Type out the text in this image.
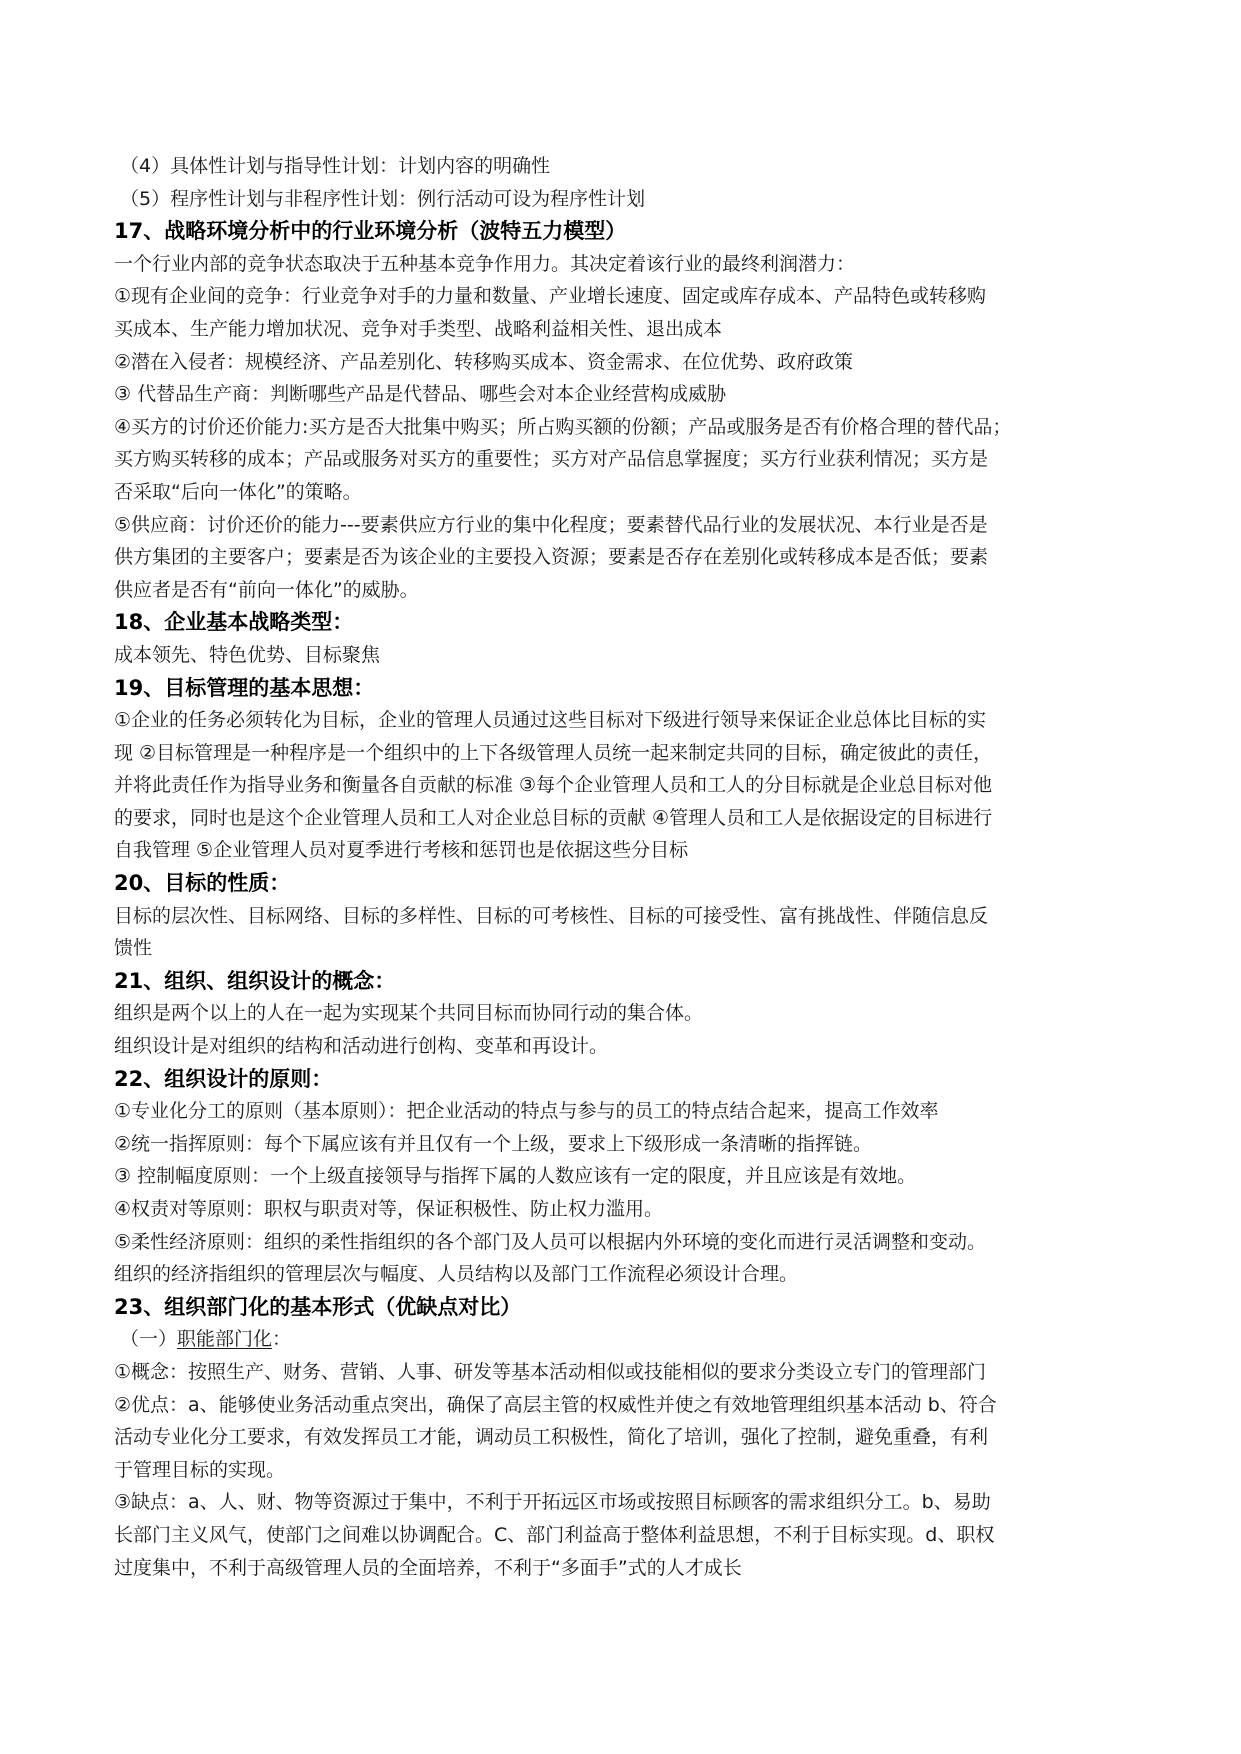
（4）具体性计划与指导性计划：计划内容的明确性
（5）程序性计划与非程序性计划：例行活动可设为程序性计划
17、战略环境分析中的行业环境分析（波特五力模型）
一个行业内部的竞争状态取决于五种基本竞争作用力。其决定着该行业的最终利润潜力：
①现有企业间的竞争：行业竞争对手的力量和数量、产业增长速度、固定或库存成本、产品特色或转移购
买成本、生产能力增加状况、竞争对手类型、战略利益相关性、退出成本
②潜在入侵者：规模经济、产品差别化、转移购买成本、资金需求、在位优势、政府政策
③ 代替品生产商：判断哪些产品是代替品、哪些会对本企业经营构成威胁
④买方的讨价还价能力:买方是否大批集中购买；所占购买额的份额；产品或服务是否有价格合理的替代品；
买方购买转移的成本；产品或服务对买方的重要性；买方对产品信息掌握度；买方行业获利情况；买方是
否采取“后向一体化”的策略。
⑤供应商：讨价还价的能力---要素供应方行业的集中化程度；要素替代品行业的发展状况、本行业是否是
供方集团的主要客户；要素是否为该企业的主要投入资源；要素是否存在差别化或转移成本是否低；要素
供应者是否有“前向一体化”的威胁。
18、企业基本战略类型：
成本领先、特色优势、目标聚焦
19、目标管理的基本思想：
①企业的任务必须转化为目标，企业的管理人员通过这些目标对下级进行领导来保证企业总体比目标的实
现 ②目标管理是一种程序是一个组织中的上下各级管理人员统一起来制定共同的目标，确定彼此的责任，
并将此责任作为指导业务和衡量各自贡献的标准 ③每个企业管理人员和工人的分目标就是企业总目标对他
的要求，同时也是这个企业管理人员和工人对企业总目标的贡献 ④管理人员和工人是依据设定的目标进行
自我管理 ⑤企业管理人员对夏季进行考核和惩罚也是依据这些分目标
20、目标的性质：
目标的层次性、目标网络、目标的多样性、目标的可考核性、目标的可接受性、富有挑战性、伴随信息反
馈性
21、组织、组织设计的概念：
组织是两个以上的人在一起为实现某个共同目标而协同行动的集合体。
组织设计是对组织的结构和活动进行创构、变革和再设计。
22、组织设计的原则：
①专业化分工的原则（基本原则）：把企业活动的特点与参与的员工的特点结合起来，提高工作效率
②统一指挥原则：每个下属应该有并且仅有一个上级，要求上下级形成一条清晰的指挥链。
③ 控制幅度原则：一个上级直接领导与指挥下属的人数应该有一定的限度，并且应该是有效地。
④权责对等原则：职权与职责对等，保证积极性、防止权力滥用。
⑤柔性经济原则：组织的柔性指组织的各个部门及人员可以根据内外环境的变化而进行灵活调整和变动。
组织的经济指组织的管理层次与幅度、人员结构以及部门工作流程必须设计合理。
23、组织部门化的基本形式（优缺点对比）
（一）职能部门化：
①概念：按照生产、财务、营销、人事、研发等基本活动相似或技能相似的要求分类设立专门的管理部门
②优点：a、能够使业务活动重点突出，确保了高层主管的权威性并使之有效地管理组织基本活动 b、符合
活动专业化分工要求，有效发挥员工才能，调动员工积极性，简化了培训，强化了控制，避免重叠，有利
于管理目标的实现。
③缺点：a、人、财、物等资源过于集中，不利于开拓远区市场或按照目标顾客的需求组织分工。b、易助
长部门主义风气，使部门之间难以协调配合。C、部门利益高于整体利益思想，不利于目标实现。d、职权
过度集中，不利于高级管理人员的全面培养，不利于“多面手”式的人才成长
